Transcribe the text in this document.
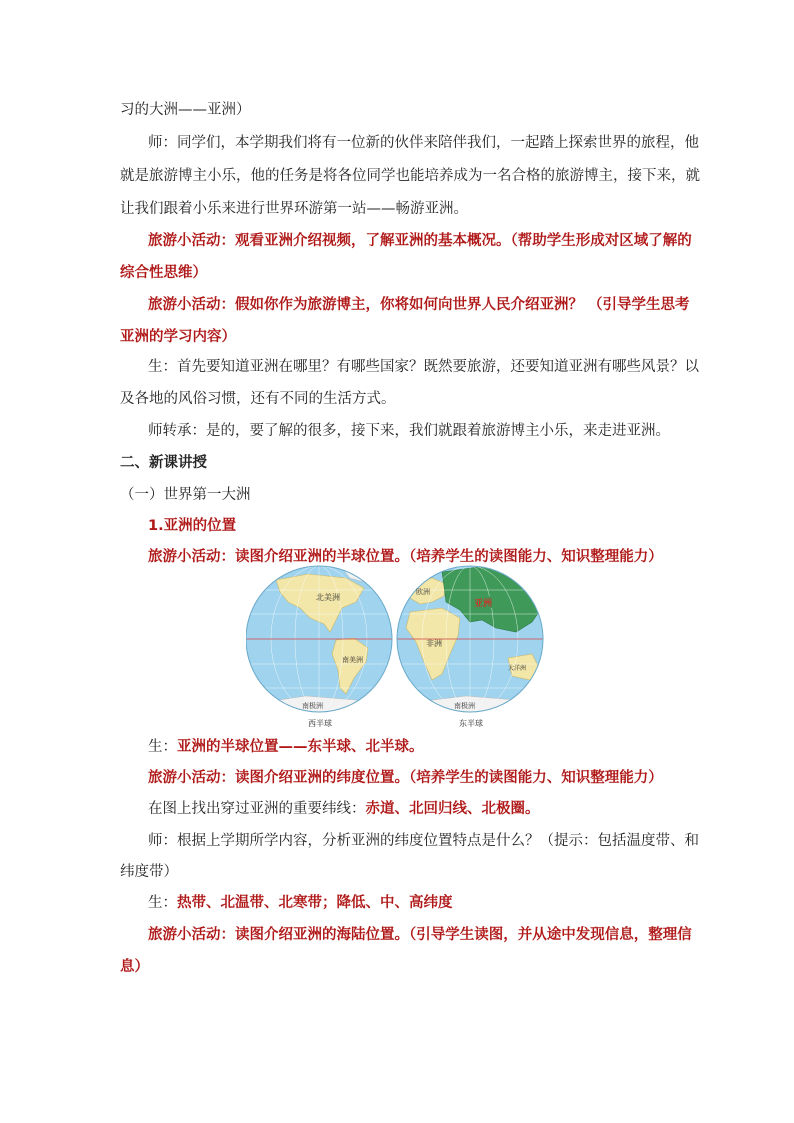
习的大洲——亚洲）
师：同学们，本学期我们将有一位新的伙伴来陪伴我们，一起踏上探索世界的旅程，他
就是旅游博主小乐，他的任务是将各位同学也能培养成为一名合格的旅游博主，接下来，就
让我们跟着小乐来进行世界环游第一站——畅游亚洲。
旅游小活动：观看亚洲介绍视频，了解亚洲的基本概况。（帮助学生形成对区域了解的
综合性思维）
旅游小活动：假如你作为旅游博主，你将如何向世界人民介绍亚洲？ （引导学生思考
亚洲的学习内容）
生：首先要知道亚洲在哪里？有哪些国家？既然要旅游，还要知道亚洲有哪些风景？以
及各地的风俗习惯，还有不同的生活方式。
师转承：是的，要了解的很多，接下来，我们就跟着旅游博主小乐，来走进亚洲。
二、新课讲授
（一）世界第一大洲
1.亚洲的位置
旅游小活动：读图介绍亚洲的半球位置。（培养学生的读图能力、知识整理能力）
北美洲
南美洲
南极洲
欧洲
亚洲
非洲
大洋洲
南极洲
西半球	东半球
生：亚洲的半球位置——东半球、北半球。
旅游小活动：读图介绍亚洲的纬度位置。（培养学生的读图能力、知识整理能力）
在图上找出穿过亚洲的重要纬线：赤道、北回归线、北极圈。
师：根据上学期所学内容，分析亚洲的纬度位置特点是什么？（提示：包括温度带、和
纬度带）
生：热带、北温带、北寒带；降低、中、高纬度
旅游小活动：读图介绍亚洲的海陆位置。（引导学生读图，并从途中发现信息，整理信
息）
